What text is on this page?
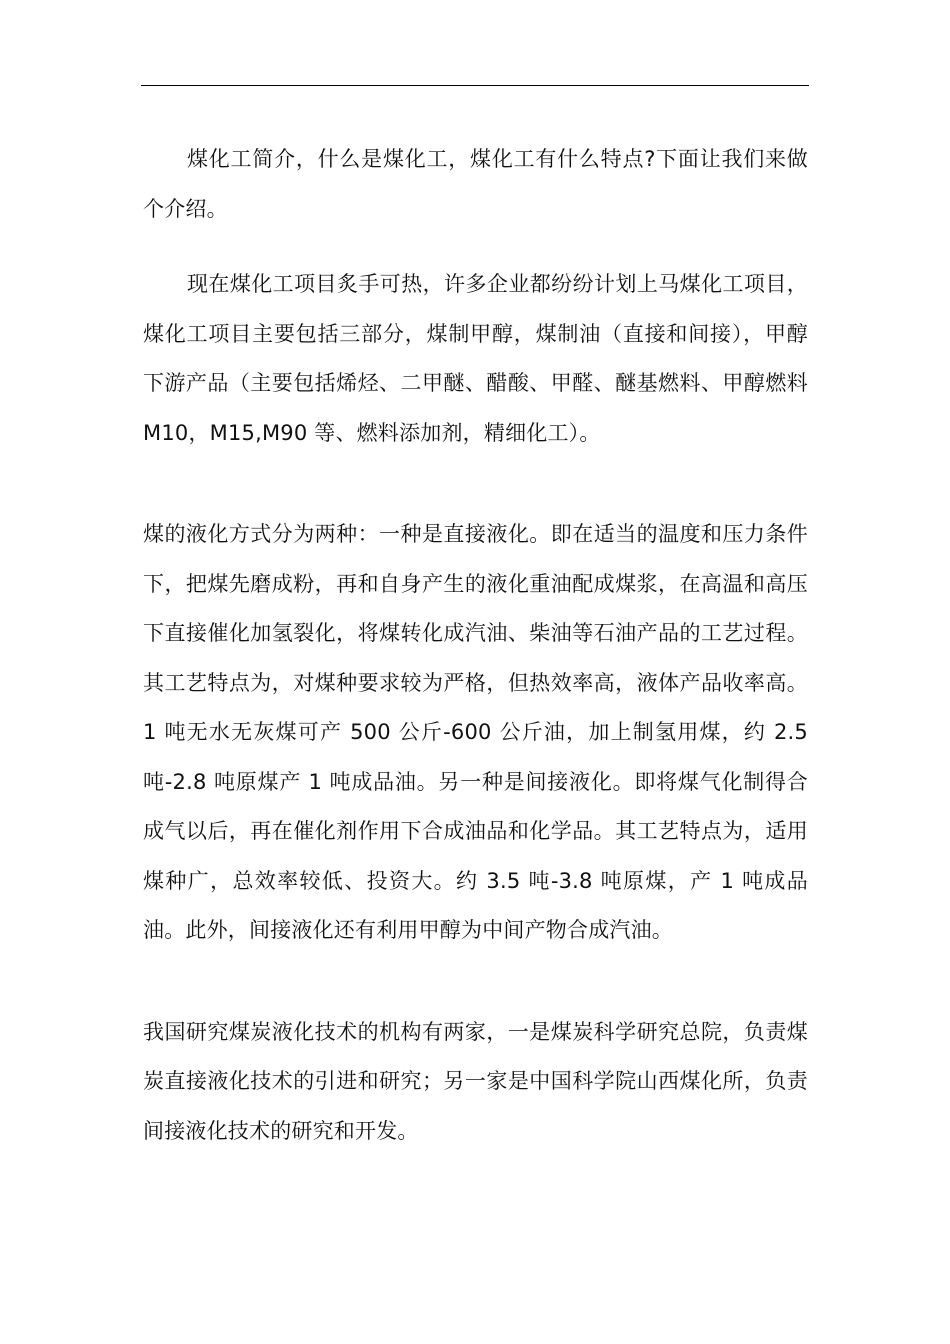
煤化工简介，什么是煤化工，煤化工有什么特点?下面让我们来做个介绍。

现在煤化工项目炙手可热，许多企业都纷纷计划上马煤化工项目，煤化工项目主要包括三部分，煤制甲醇，煤制油（直接和间接），甲醇下游产品（主要包括烯烃、二甲醚、醋酸、甲醛、醚基燃料、甲醇燃料 M10，M15,M90 等、燃料添加剂，精细化工）。

煤的液化方式分为两种：一种是直接液化。即在适当的温度和压力条件下，把煤先磨成粉，再和自身产生的液化重油配成煤浆，在高温和高压下直接催化加氢裂化，将煤转化成汽油、柴油等石油产品的工艺过程。其工艺特点为，对煤种要求较为严格，但热效率高，液体产品收率高。1 吨无水无灰煤可产 500 公斤-600 公斤油，加上制氢用煤，约 2.5 吨-2.8 吨原煤产 1 吨成品油。另一种是间接液化。即将煤气化制得合成气以后，再在催化剂作用下合成油品和化学品。其工艺特点为，适用煤种广，总效率较低、投资大。约 3.5 吨-3.8 吨原煤，产 1 吨成品油。此外，间接液化还有利用甲醇为中间产物合成汽油。

我国研究煤炭液化技术的机构有两家，一是煤炭科学研究总院，负责煤炭直接液化技术的引进和研究；另一家是中国科学院山西煤化所，负责间接液化技术的研究和开发。
